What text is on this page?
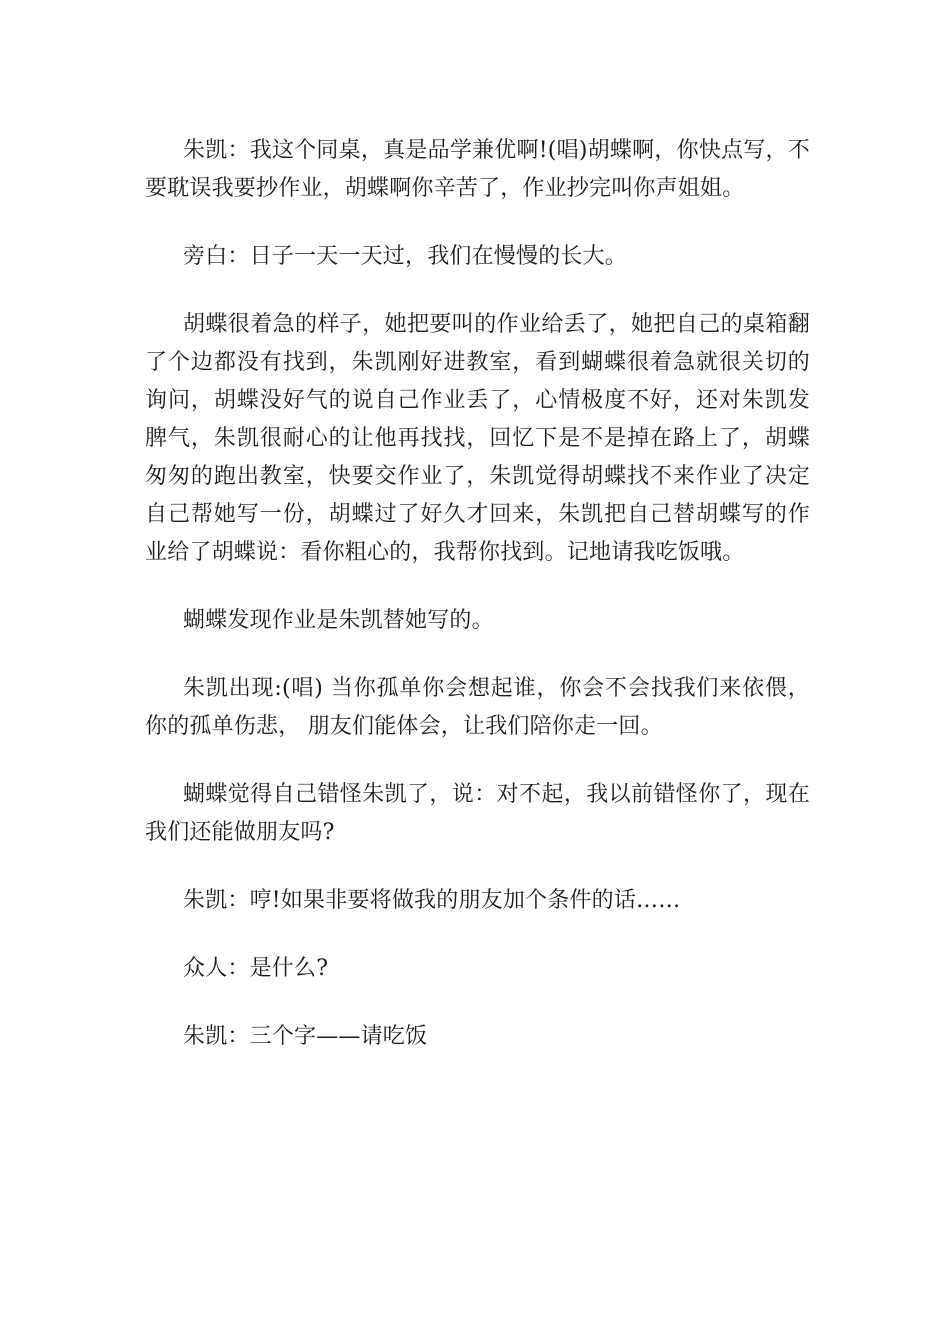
朱凯：我这个同桌，真是品学兼优啊!(唱)胡蝶啊，你快点写，不要耽误我要抄作业，胡蝶啊你辛苦了，作业抄完叫你声姐姐。

旁白：日子一天一天过，我们在慢慢的长大。

胡蝶很着急的样子，她把要叫的作业给丢了，她把自己的桌箱翻了个边都没有找到，朱凯刚好进教室，看到蝴蝶很着急就很关切的询问，胡蝶没好气的说自己作业丢了，心情极度不好，还对朱凯发脾气，朱凯很耐心的让他再找找，回忆下是不是掉在路上了，胡蝶匆匆的跑出教室，快要交作业了，朱凯觉得胡蝶找不来作业了决定自己帮她写一份，胡蝶过了好久才回来，朱凯把自己替胡蝶写的作业给了胡蝶说：看你粗心的，我帮你找到。记地请我吃饭哦。

蝴蝶发现作业是朱凯替她写的。

朱凯出现:(唱) 当你孤单你会想起谁，你会不会找我们来依偎，你的孤单伤悲， 朋友们能体会，让我们陪你走一回。

蝴蝶觉得自己错怪朱凯了，说：对不起，我以前错怪你了，现在我们还能做朋友吗?

朱凯：哼!如果非要将做我的朋友加个条件的话……

众人：是什么?

朱凯：三个字——请吃饭
